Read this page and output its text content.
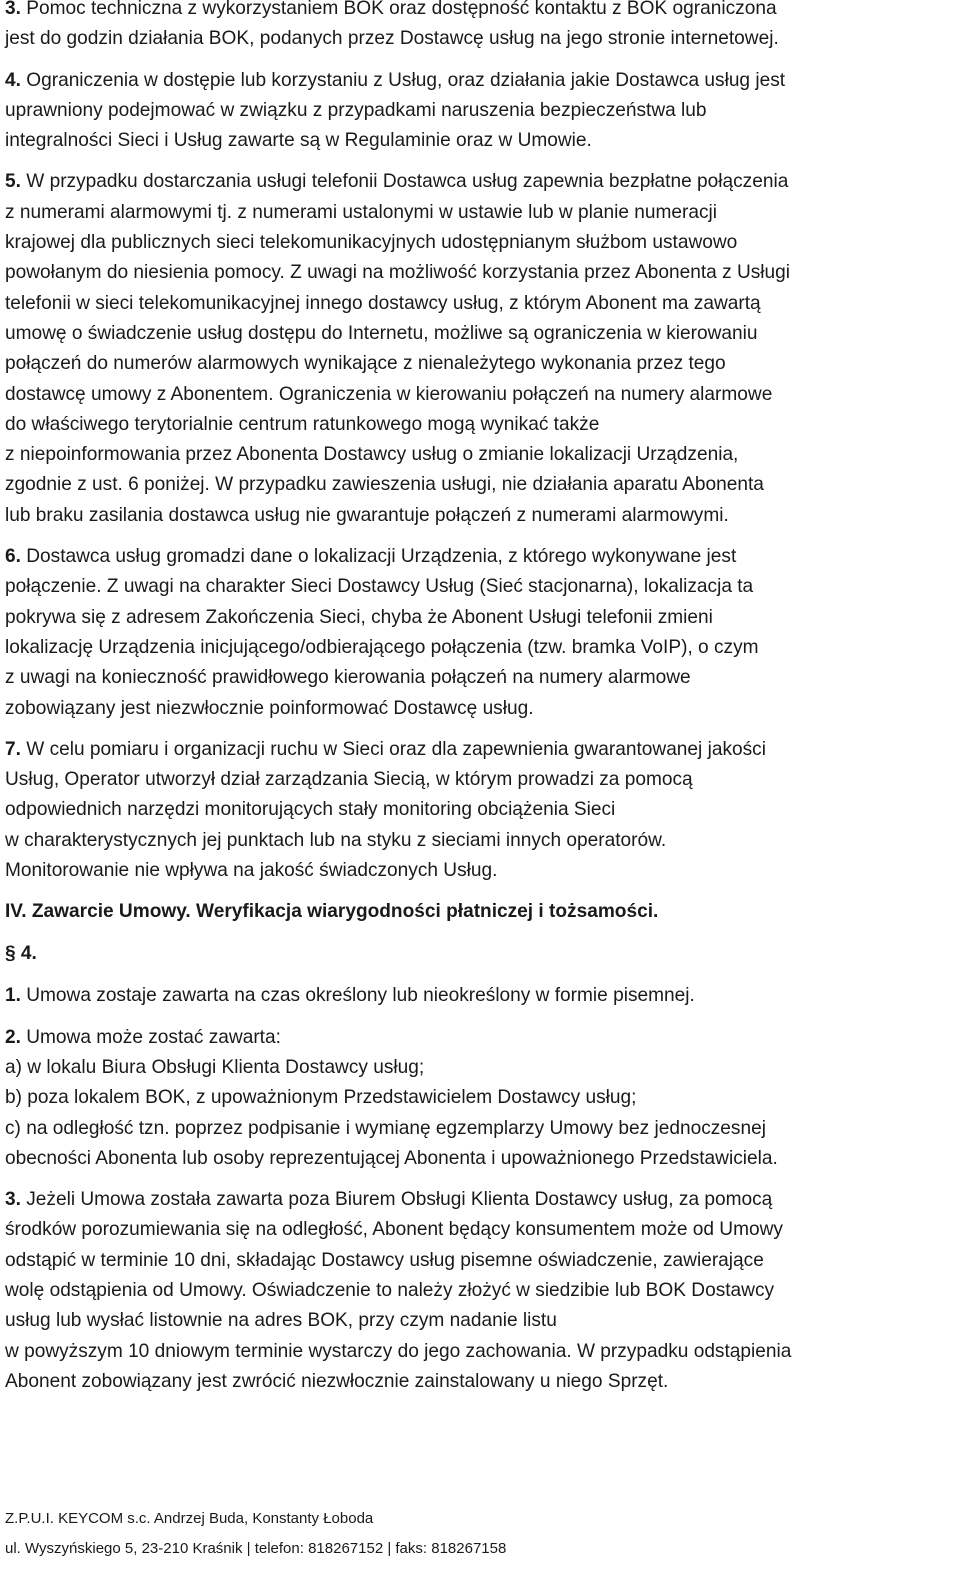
3. Pomoc techniczna z wykorzystaniem BOK oraz dostępność kontaktu z BOK ograniczona
jest do godzin działania BOK, podanych przez Dostawcę usług na jego stronie internetowej.

4. Ograniczenia w dostępie lub korzystaniu z Usług, oraz działania jakie Dostawca usług jest
uprawniony podejmować w związku z przypadkami naruszenia bezpieczeństwa lub
integralności Sieci i Usług zawarte są w Regulaminie oraz w Umowie.

5. W przypadku dostarczania usługi telefonii Dostawca usług zapewnia bezpłatne połączenia
z numerami alarmowymi tj. z numerami ustalonymi w ustawie lub w planie numeracji
krajowej dla publicznych sieci telekomunikacyjnych udostępnianym służbom ustawowo
powołanym do niesienia pomocy. Z uwagi na możliwość korzystania przez Abonenta z Usługi
telefonii w sieci telekomunikacyjnej innego dostawcy usług, z którym Abonent ma zawartą
umowę o świadczenie usług dostępu do Internetu, możliwe są ograniczenia w kierowaniu
połączeń do numerów alarmowych wynikające z nienależytego wykonania przez tego
dostawcę umowy z Abonentem. Ograniczenia w kierowaniu połączeń na numery alarmowe
do właściwego terytorialnie centrum ratunkowego mogą wynikać także
z niepoinformowania przez Abonenta Dostawcy usług o zmianie lokalizacji Urządzenia,
zgodnie z ust. 6 poniżej. W przypadku zawieszenia usługi, nie działania aparatu Abonenta
lub braku zasilania dostawca usług nie gwarantuje połączeń z numerami alarmowymi.

6. Dostawca usług gromadzi dane o lokalizacji Urządzenia, z którego wykonywane jest
połączenie. Z uwagi na charakter Sieci Dostawcy Usług (Sieć stacjonarna), lokalizacja ta
pokrywa się z adresem Zakończenia Sieci, chyba że Abonent Usługi telefonii zmieni
lokalizację Urządzenia inicjującego/odbierającego połączenia (tzw. bramka VoIP), o czym
z uwagi na konieczność prawidłowego kierowania połączeń na numery alarmowe
zobowiązany jest niezwłocznie poinformować Dostawcę usług.

7. W celu pomiaru i organizacji ruchu w Sieci oraz dla zapewnienia gwarantowanej jakości
Usług, Operator utworzył dział zarządzania Siecią, w którym prowadzi za pomocą
odpowiednich narzędzi monitorujących stały monitoring obciążenia Sieci
w charakterystycznych jej punktach lub na styku z sieciami innych operatorów.
Monitorowanie nie wpływa na jakość świadczonych Usług.

IV. Zawarcie Umowy. Weryfikacja wiarygodności płatniczej i tożsamości.
§ 4.

1. Umowa zostaje zawarta na czas określony lub nieokreślony w formie pisemnej.

2. Umowa może zostać zawarta:
a) w lokalu Biura Obsługi Klienta Dostawcy usług;
b) poza lokalem BOK, z upoważnionym Przedstawicielem Dostawcy usług;
c) na odległość tzn. poprzez podpisanie i wymianę egzemplarzy Umowy bez jednoczesnej
obecności Abonenta lub osoby reprezentującej Abonenta i upoważnionego Przedstawiciela.

3. Jeżeli Umowa została zawarta poza Biurem Obsługi Klienta Dostawcy usług, za pomocą
środków porozumiewania się na odległość, Abonent będący konsumentem może od Umowy
odstąpić w terminie 10 dni, składając Dostawcy usług pisemne oświadczenie, zawierające
wolę odstąpienia od Umowy. Oświadczenie to należy złożyć w siedzibie lub BOK Dostawcy
usług lub wysłać listownie na adres BOK, przy czym nadanie listu
w powyższym 10 dniowym terminie wystarczy do jego zachowania. W przypadku odstąpienia
Abonent zobowiązany jest zwrócić niezwłocznie zainstalowany u niego Sprzęt.

Z.P.U.I. KEYCOM s.c. Andrzej Buda, Konstanty Łoboda

ul. Wyszyńskiego 5, 23-210 Kraśnik | telefon: 818267152 | faks: 818267158
